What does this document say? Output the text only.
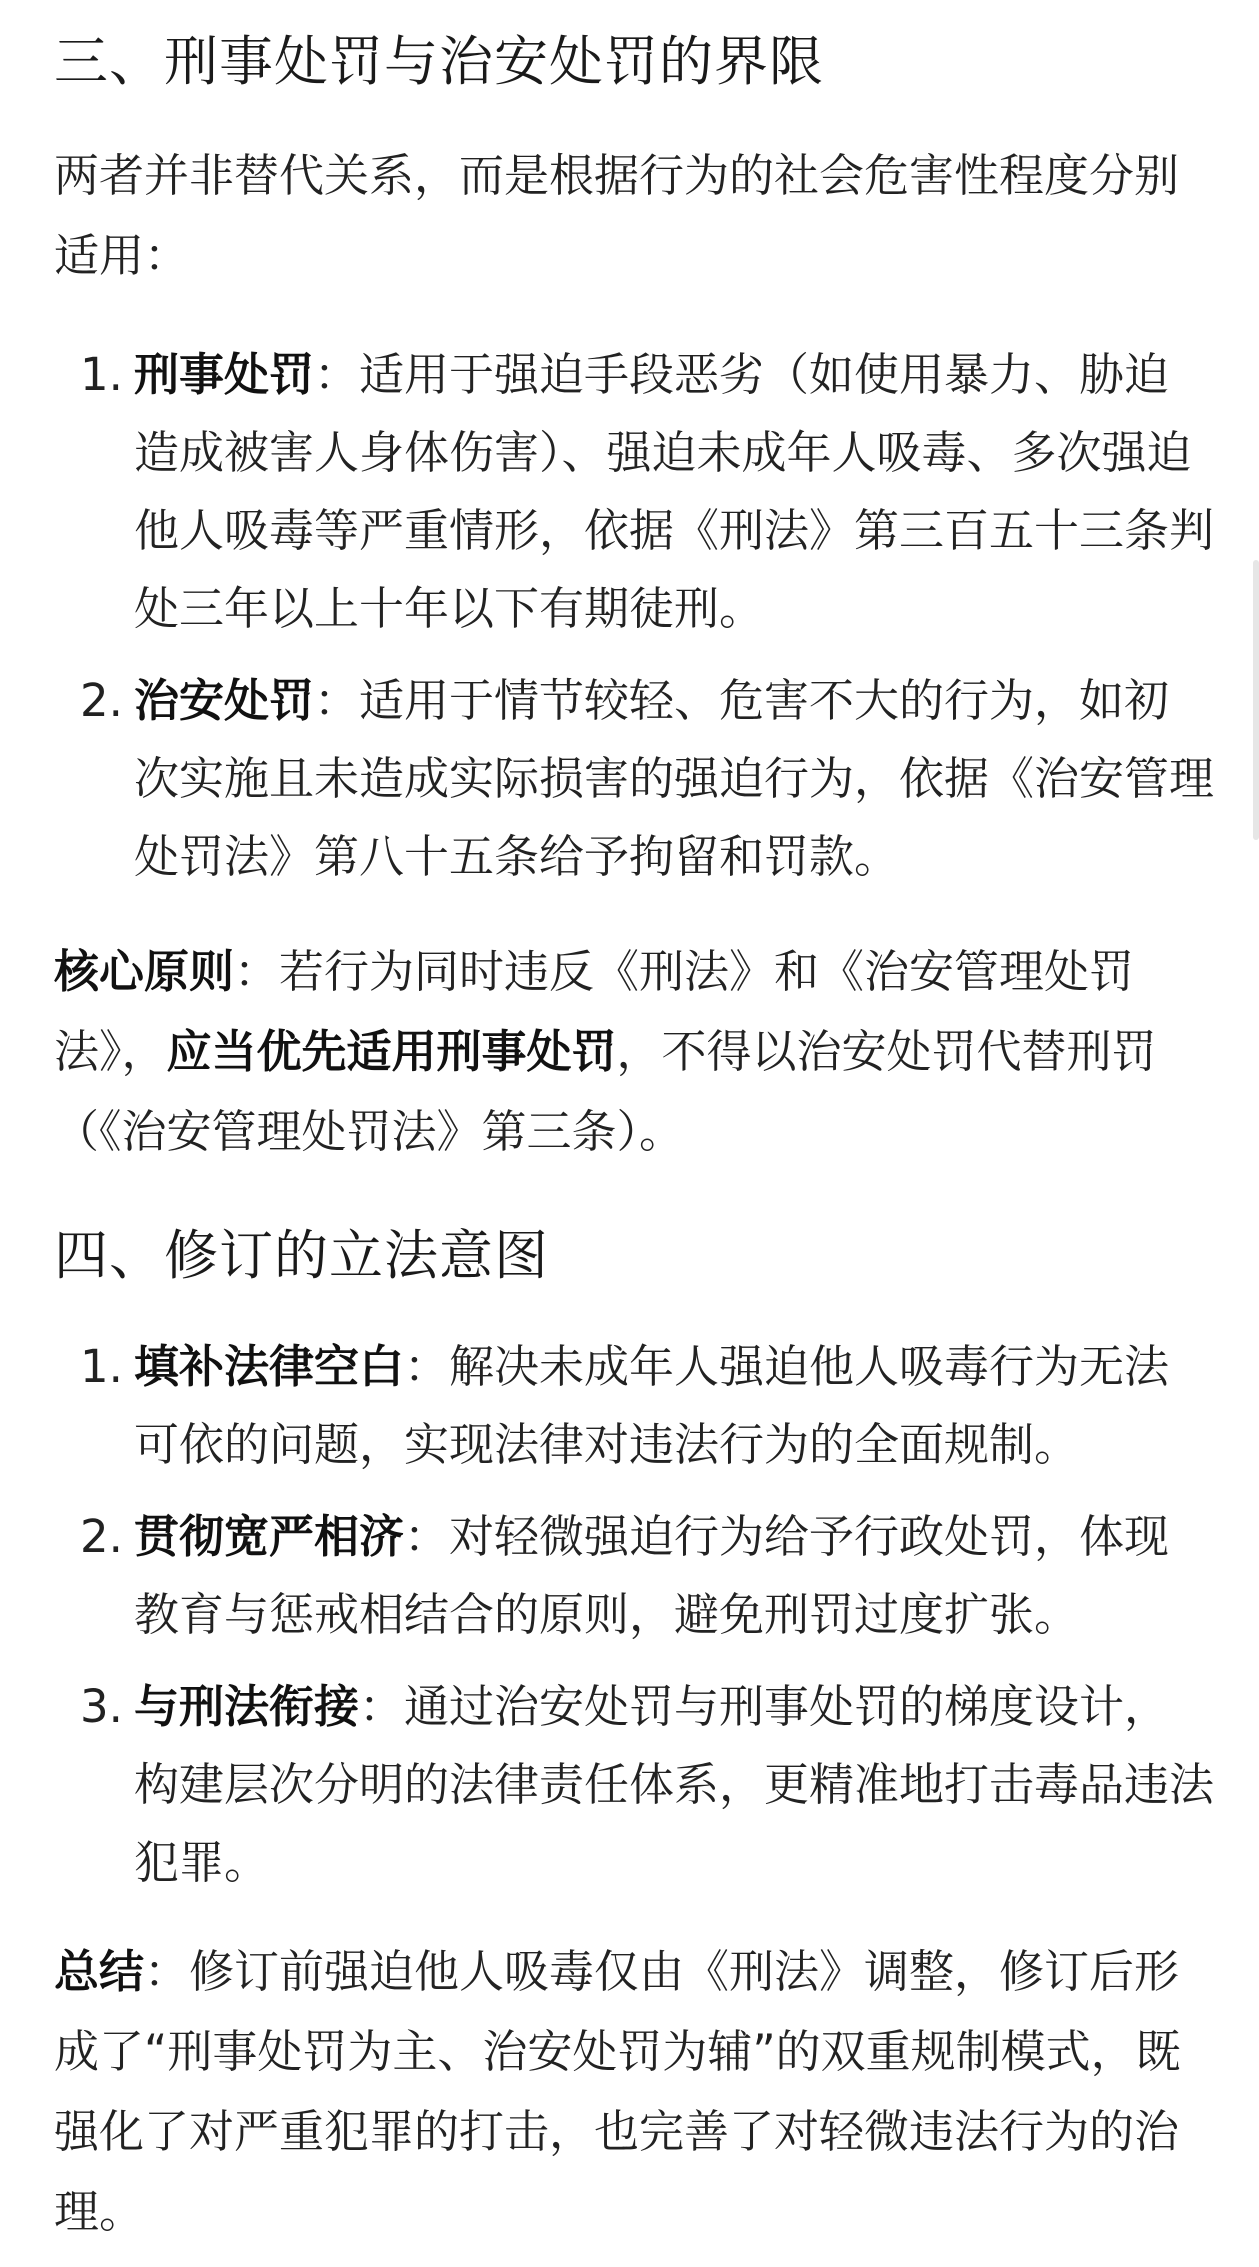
三、刑事处罚与治安处罚的界限

两者并非替代关系，而是根据行为的社会危害性程度分别适用：

1. 刑事处罚：适用于强迫手段恶劣（如使用暴力、胁迫造成被害人身体伤害）、强迫未成年人吸毒、多次强迫他人吸毒等严重情形，依据《刑法》第三百五十三条判处三年以上十年以下有期徒刑。
2. 治安处罚：适用于情节较轻、危害不大的行为，如初次实施且未造成实际损害的强迫行为，依据《治安管理处罚法》第八十五条给予拘留和罚款。

核心原则：若行为同时违反《刑法》和《治安管理处罚法》，应当优先适用刑事处罚，不得以治安处罚代替刑罚（《治安管理处罚法》第三条）。

四、修订的立法意图
1. 填补法律空白：解决未成年人强迫他人吸毒行为无法可依的问题，实现法律对违法行为的全面规制。
2. 贯彻宽严相济：对轻微强迫行为给予行政处罚，体现教育与惩戒相结合的原则，避免刑罚过度扩张。
3. 与刑法衔接：通过治安处罚与刑事处罚的梯度设计，构建层次分明的法律责任体系，更精准地打击毒品违法犯罪。

总结：修订前强迫他人吸毒仅由《刑法》调整，修订后形成了“刑事处罚为主、治安处罚为辅”的双重规制模式，既强化了对严重犯罪的打击，也完善了对轻微违法行为的治理。
